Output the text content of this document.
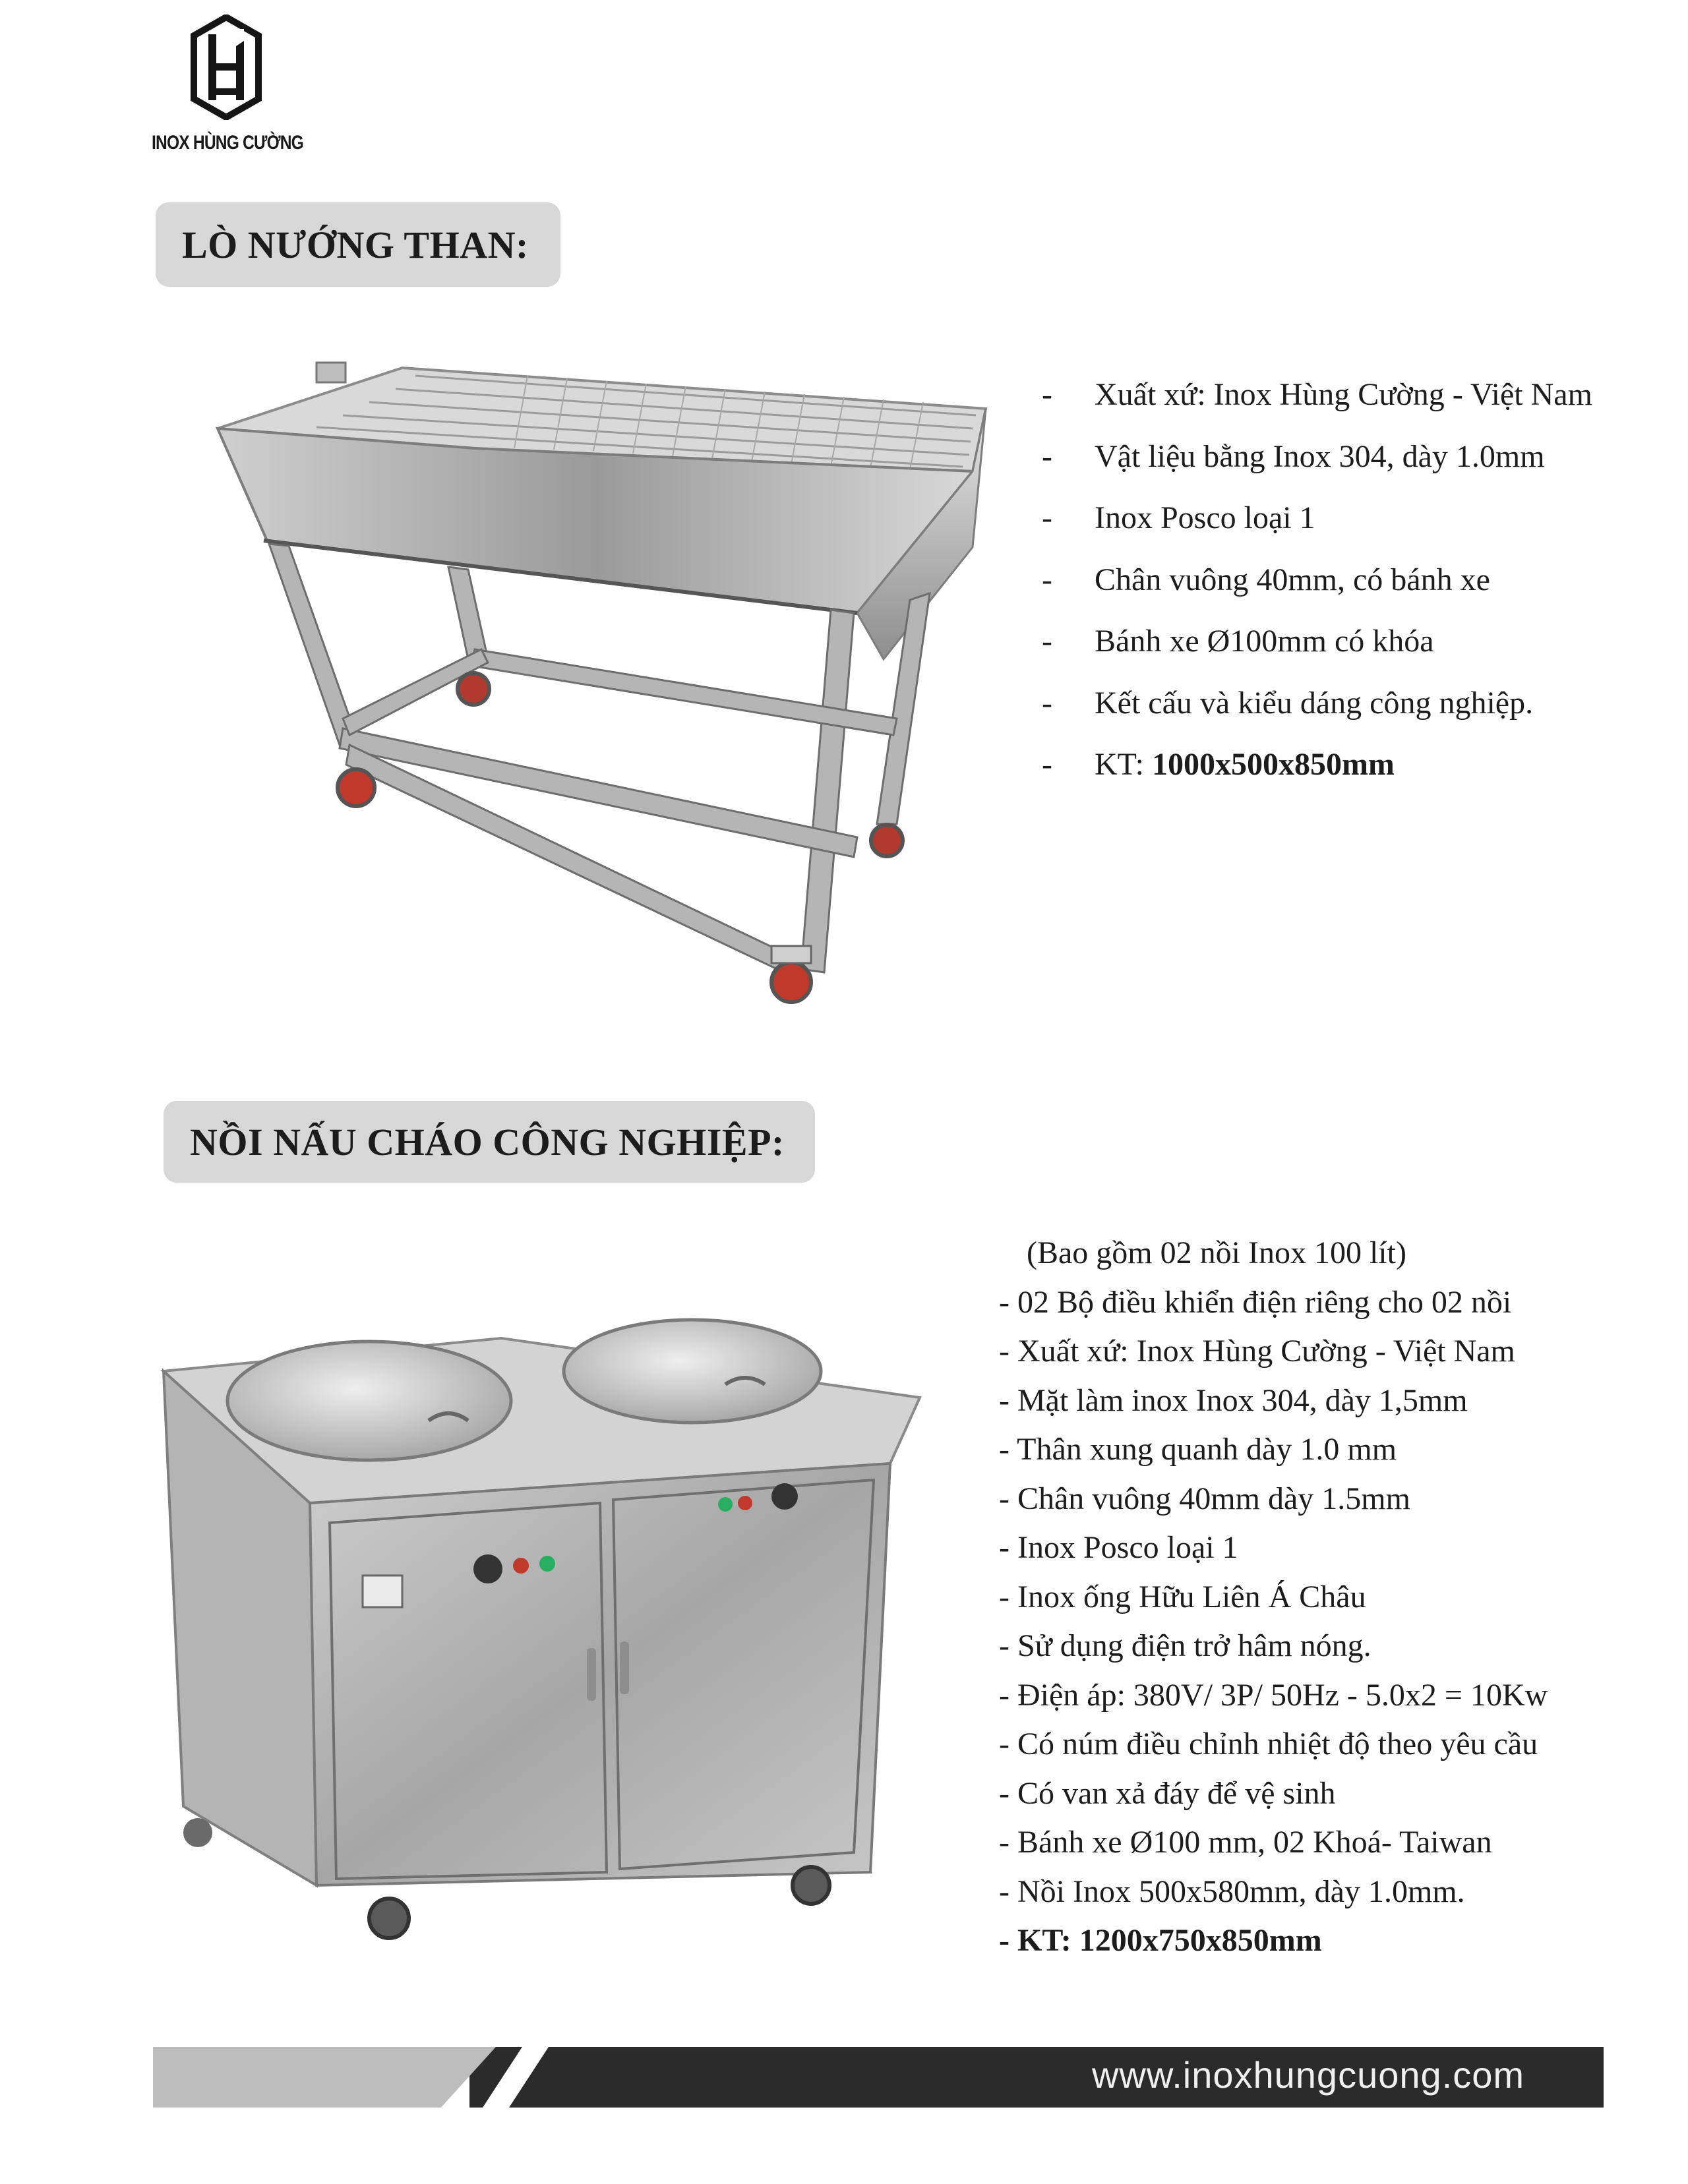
INOX HÙNG CƯỜNG
LÒ NƯỚNG THAN:
-	Xuất xứ: Inox Hùng Cường - Việt Nam
-	Vật liệu bằng Inox 304, dày 1.0mm
-	Inox Posco loại 1
-	Chân vuông 40mm, có bánh xe
-	Bánh xe Ø100mm có khóa
-	Kết cấu và kiểu dáng công nghiệp.
-	KT: 1000x500x850mm
NỒI NẤU CHÁO CÔNG NGHIỆP:
(Bao gồm 02 nồi Inox 100 lít)
- 02 Bộ điều khiển điện riêng cho 02 nồi
- Xuất xứ: Inox Hùng Cường - Việt Nam
- Mặt làm inox Inox 304, dày 1,5mm
- Thân xung quanh dày 1.0 mm
- Chân vuông 40mm dày 1.5mm
- Inox Posco loại 1
- Inox ống Hữu Liên Á Châu
- Sử dụng điện trở hâm nóng.
- Điện áp: 380V/ 3P/ 50Hz - 5.0x2 = 10Kw
- Có núm điều chỉnh nhiệt độ theo yêu cầu
- Có van xả đáy để vệ sinh
- Bánh xe Ø100 mm, 02 Khoá- Taiwan
- Nồi Inox 500x580mm, dày 1.0mm.
- KT: 1200x750x850mm
www.inoxhungcuong.com
